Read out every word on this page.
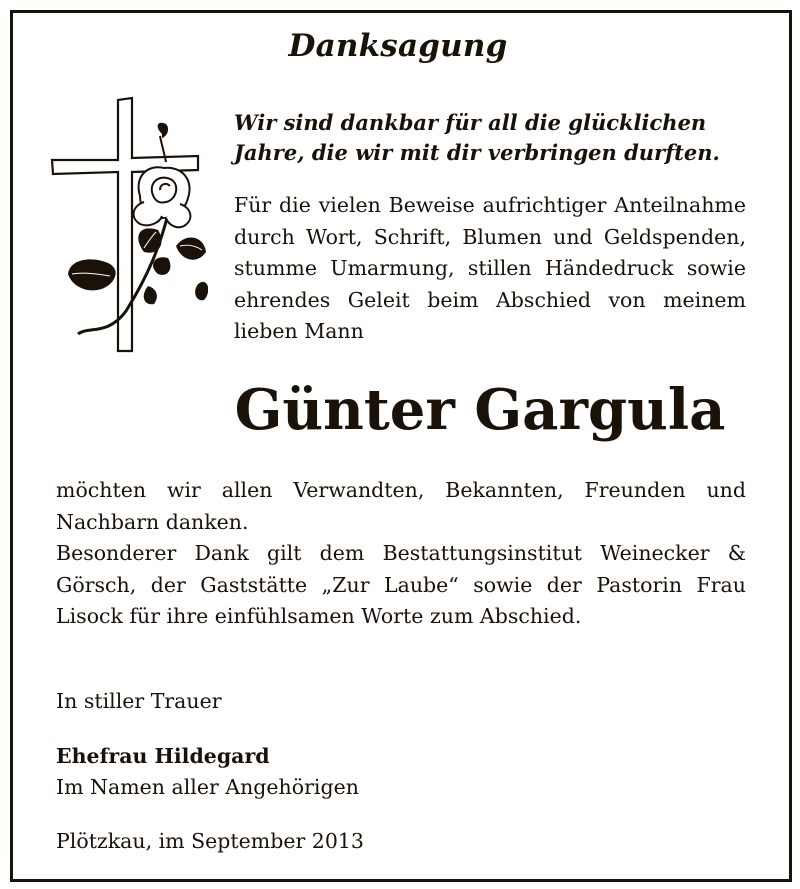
Danksagung
Wir sind dankbar für all die glücklichen
Jahre, die wir mit dir verbringen durften.
Für die vielen Beweise aufrichtiger Anteilnahme durch Wort, Schrift, Blumen und Geldspenden, stumme Umarmung, stillen Händedruck sowie ehrendes Geleit beim Abschied von meinem lieben Mann
Günter Gargula
möchten wir allen Verwandten, Bekannten, Freunden und Nachbarn danken.
Besonderer Dank gilt dem Bestattungsinstitut Weinecker & Görsch, der Gaststätte „Zur Laube“ sowie der Pastorin Frau Lisock für ihre einfühlsamen Worte zum Abschied.
In stiller Trauer
Ehefrau Hildegard
Im Namen aller Angehörigen
Plötzkau, im September 2013
